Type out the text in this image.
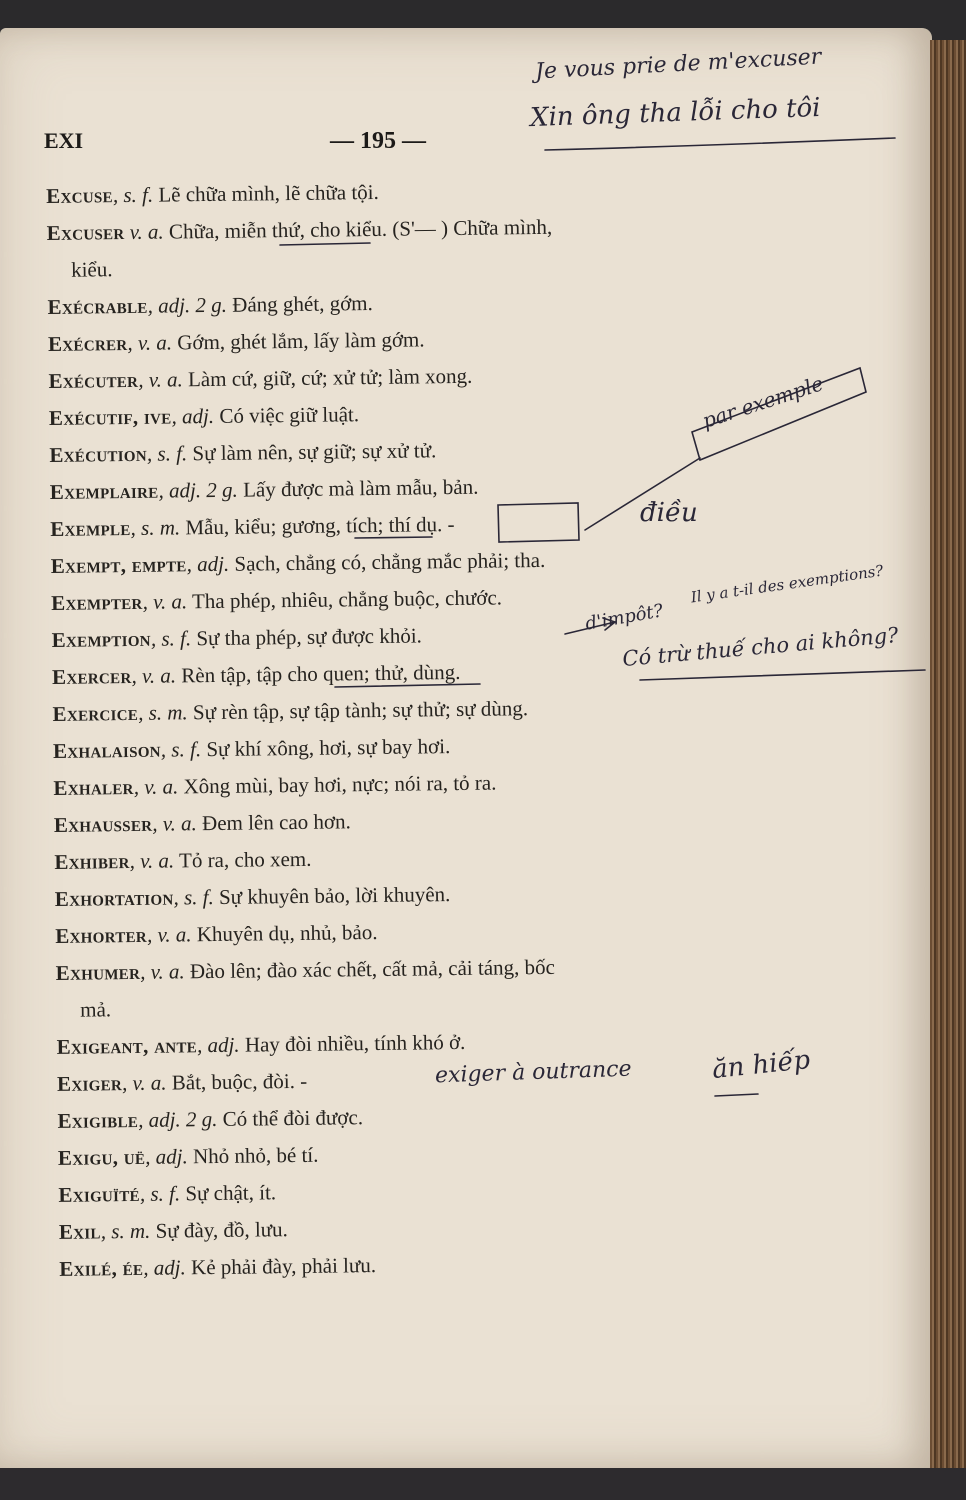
EXI	— 195 —
Excuse, s. f. Lẽ chữa mình, lẽ chữa tội.
Excuser v. a. Chữa, miễn thứ, cho kiểu. (S'— ) Chữa mình,
kiểu.
Exécrable, adj. 2 g. Đáng ghét, gớm.
Exécrer, v. a. Gớm, ghét lắm, lấy làm gớm.
Exécuter, v. a. Làm cứ, giữ, cứ; xử tử; làm xong.
Exécutif, ive, adj. Có việc giữ luật.
Exécution, s. f. Sự làm nên, sự giữ; sự xử tử.
Exemplaire, adj. 2 g. Lấy được mà làm mẫu, bản.
Exemple, s. m. Mẫu, kiểu; gương, tích; thí dụ. -
Exempt, empte, adj. Sạch, chẳng có, chẳng mắc phải; tha.
Exempter, v. a. Tha phép, nhiêu, chẳng buộc, chước.
Exemption, s. f. Sự tha phép, sự được khỏi.
Exercer, v. a. Rèn tập, tập cho quen; thử, dùng.
Exercice, s. m. Sự rèn tập, sự tập tành; sự thử; sự dùng.
Exhalaison, s. f. Sự khí xông, hơi, sự bay hơi.
Exhaler, v. a. Xông mùi, bay hơi, nực; nói ra, tỏ ra.
Exhausser, v. a. Đem lên cao hơn.
Exhiber, v. a. Tỏ ra, cho xem.
Exhortation, s. f. Sự khuyên bảo, lời khuyên.
Exhorter, v. a. Khuyên dụ, nhủ, bảo.
Exhumer, v. a. Đào lên; đào xác chết, cất mả, cải táng, bốc
mả.
Exigeant, ante, adj. Hay đòi nhiều, tính khó ở.
Exiger, v. a. Bắt, buộc, đòi. -
Exigible, adj. 2 g. Có thể đòi được.
Exigu, uë, adj. Nhỏ nhỏ, bé tí.
Exiguïté, s. f. Sự chật, ít.
Exil, s. m. Sự đày, đồ, lưu.
Exilé, ée, adj. Kẻ phải đày, phải lưu.
Je vous prie de m'excuser
Xin ông tha lỗi cho tôi
par exemple
điều
Il y a t-il des exemptions?
d'impôt?
Có trừ thuế cho ai không?
exiger à outrance	ăn hiếp
